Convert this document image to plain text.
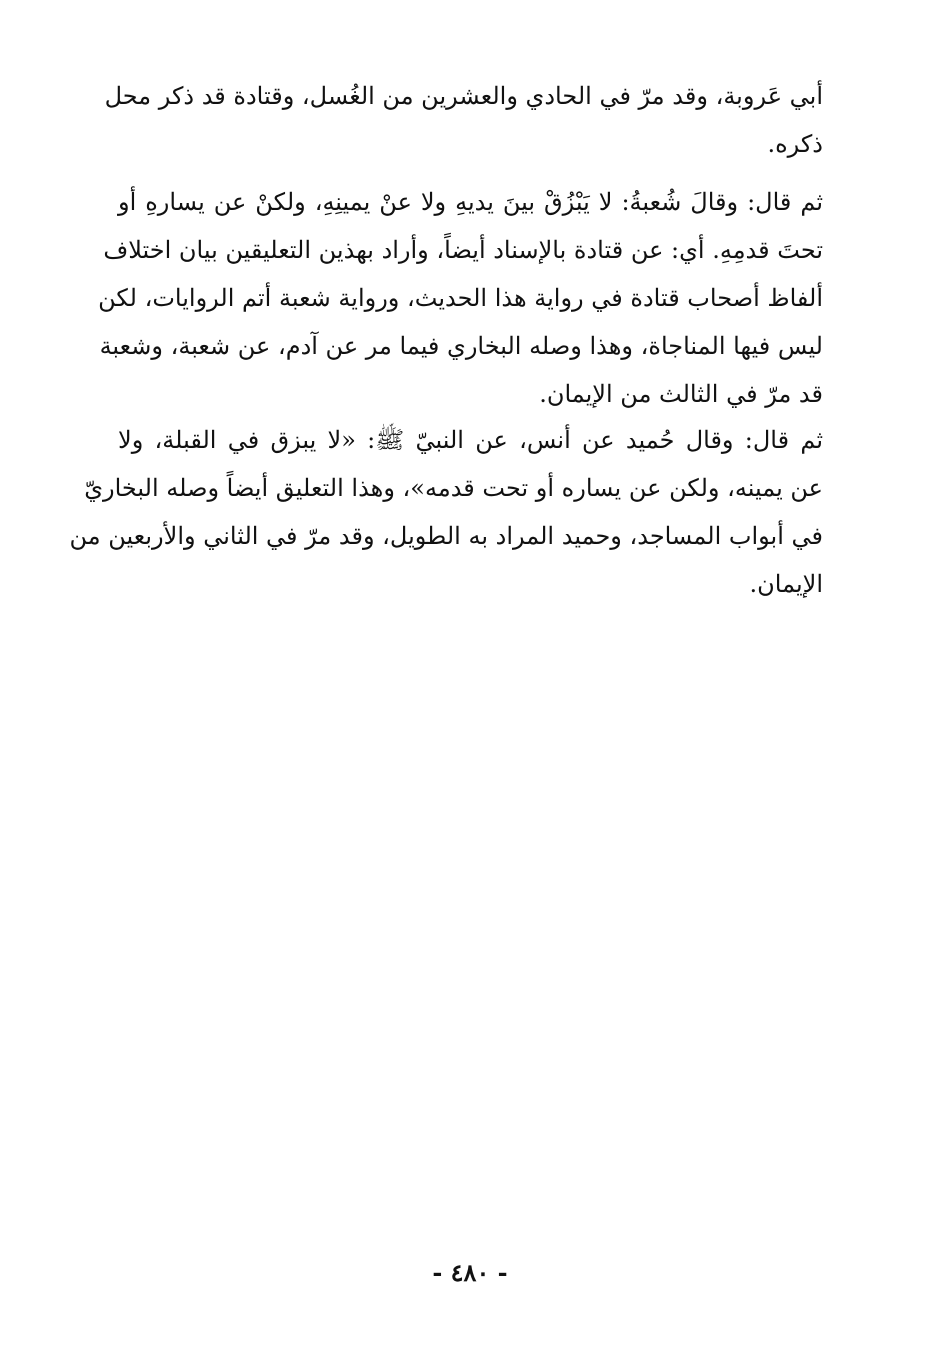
أبي عَروبة، وقد مرّ في الحادي والعشرين من الغُسل، وقتادة قد ذكر محل
ذكره.
ثم قال: وقالَ شُعبةُ: لا يَبْزُقْ بينَ يديهِ ولا عنْ يمينِهِ، ولكنْ عن يسارهِ أو
تحتَ قدمِهِ. أي: عن قتادة بالإسناد أيضاً، وأراد بهذين التعليقين بيان اختلاف
ألفاظ أصحاب قتادة في رواية هذا الحديث، ورواية شعبة أتم الروايات، لكن
ليس فيها المناجاة، وهذا وصله البخاري فيما مر عن آدم، عن شعبة، وشعبة
قد مرّ في الثالث من الإيمان.
ثم قال: وقال حُميد عن أنس، عن النبيّ ﷺ: «لا يبزق في القبلة، ولا
عن يمينه، ولكن عن يساره أو تحت قدمه»، وهذا التعليق أيضاً وصله البخاريّ
في أبواب المساجد، وحميد المراد به الطويل، وقد مرّ في الثاني والأربعين من
الإيمان.
- ٤٨٠ -
